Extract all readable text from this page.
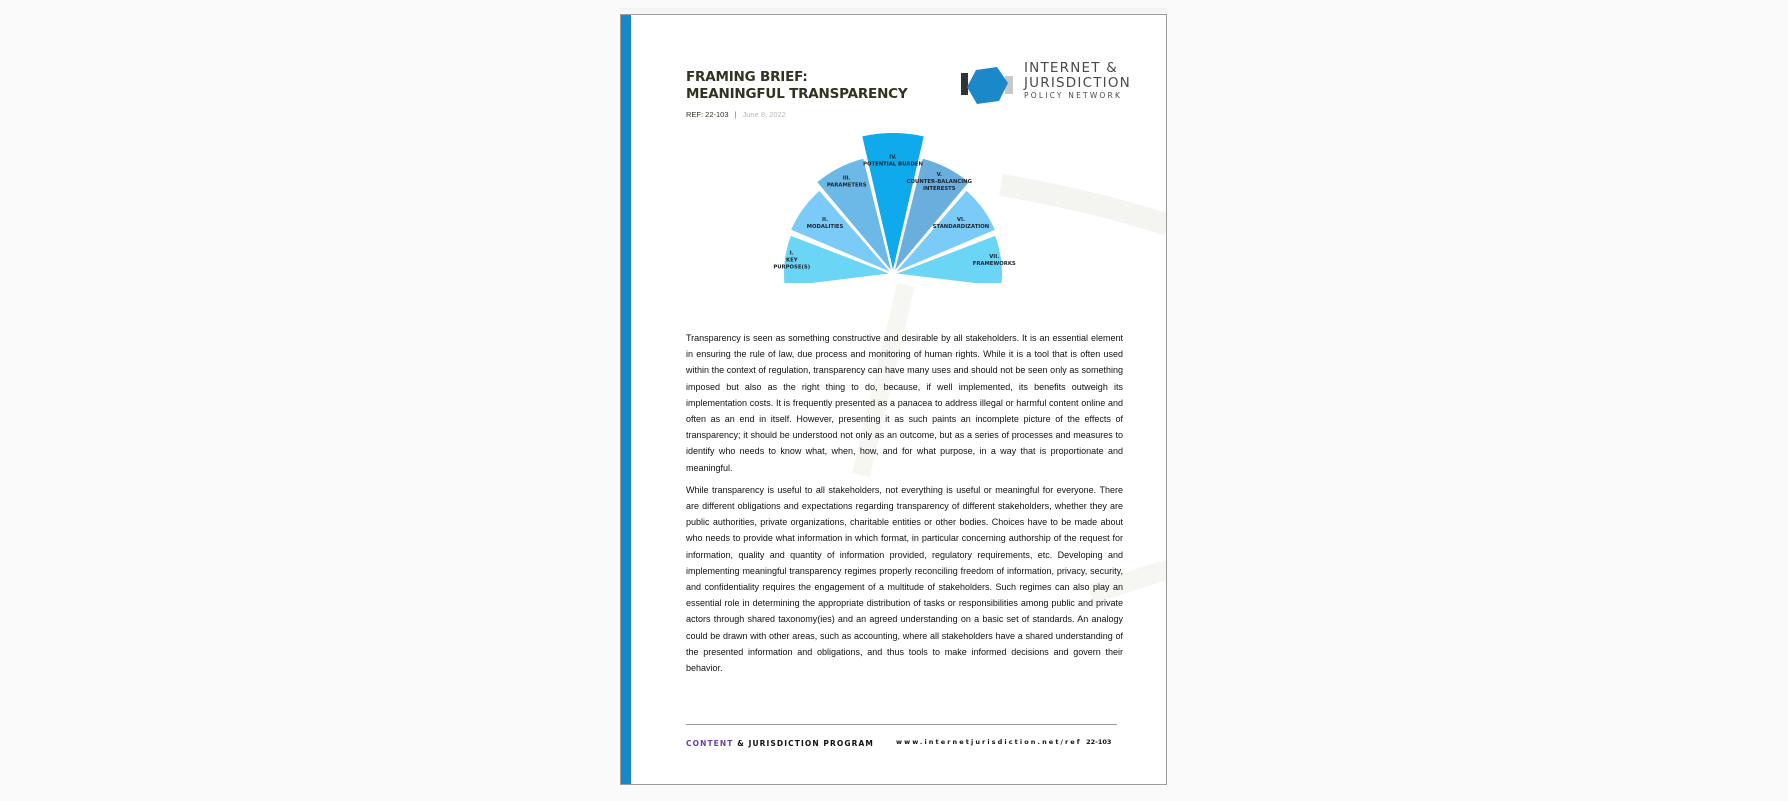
FRAMING BRIEF:
MEANINGFUL TRANSPARENCY
REF: 22-103 | June 8, 2022
INTERNET &
JURISDICTION
POLICY NETWORK
I.
KEY
PURPOSE(S)
II.
MODALITIES
III.
PARAMETERS
IV.
POTENTIAL BURDEN
V.
COUNTER-BALANCING
INTERESTS
VI.
STANDARDIZATION
VII.
FRAMEWORKS

Transparency is seen as something constructive and desirable by all stakeholders. It is an essential element in ensuring the rule of law, due process and monitoring of human rights. While it is a tool that is often used within the context of regulation, transparency can have many uses and should not be seen only as something imposed but also as the right thing to do, because, if well implemented, its benefits outweigh its implementation costs. It is frequently presented as a panacea to address illegal or harmful content online and often as an end in itself. However, presenting it as such paints an incomplete picture of the effects of transparency; it should be understood not only as an outcome, but as a series of processes and measures to identify who needs to know what, when, how, and for what purpose, in a way that is proportionate and meaningful.

While transparency is useful to all stakeholders, not everything is useful or meaningful for everyone. There are different obligations and expectations regarding transparency of different stakeholders, whether they are public authorities, private organizations, charitable entities or other bodies. Choices have to be made about who needs to provide what information in which format, in particular concerning authorship of the request for information, quality and quantity of information provided, regulatory requirements, etc. Developing and implementing meaningful transparency regimes properly reconciling freedom of information, privacy, security, and confidentiality requires the engagement of a multitude of stakeholders. Such regimes can also play an essential role in determining the appropriate distribution of tasks or responsibilities among public and private actors through shared taxonomy(ies) and an agreed understanding on a basic set of standards. An analogy could be drawn with other areas, such as accounting, where all stakeholders have a shared understanding of the presented information and obligations, and thus tools to make informed decisions and govern their behavior.

CONTENT & JURISDICTION PROGRAM	www.internetjurisdiction.net/ref 22-103
